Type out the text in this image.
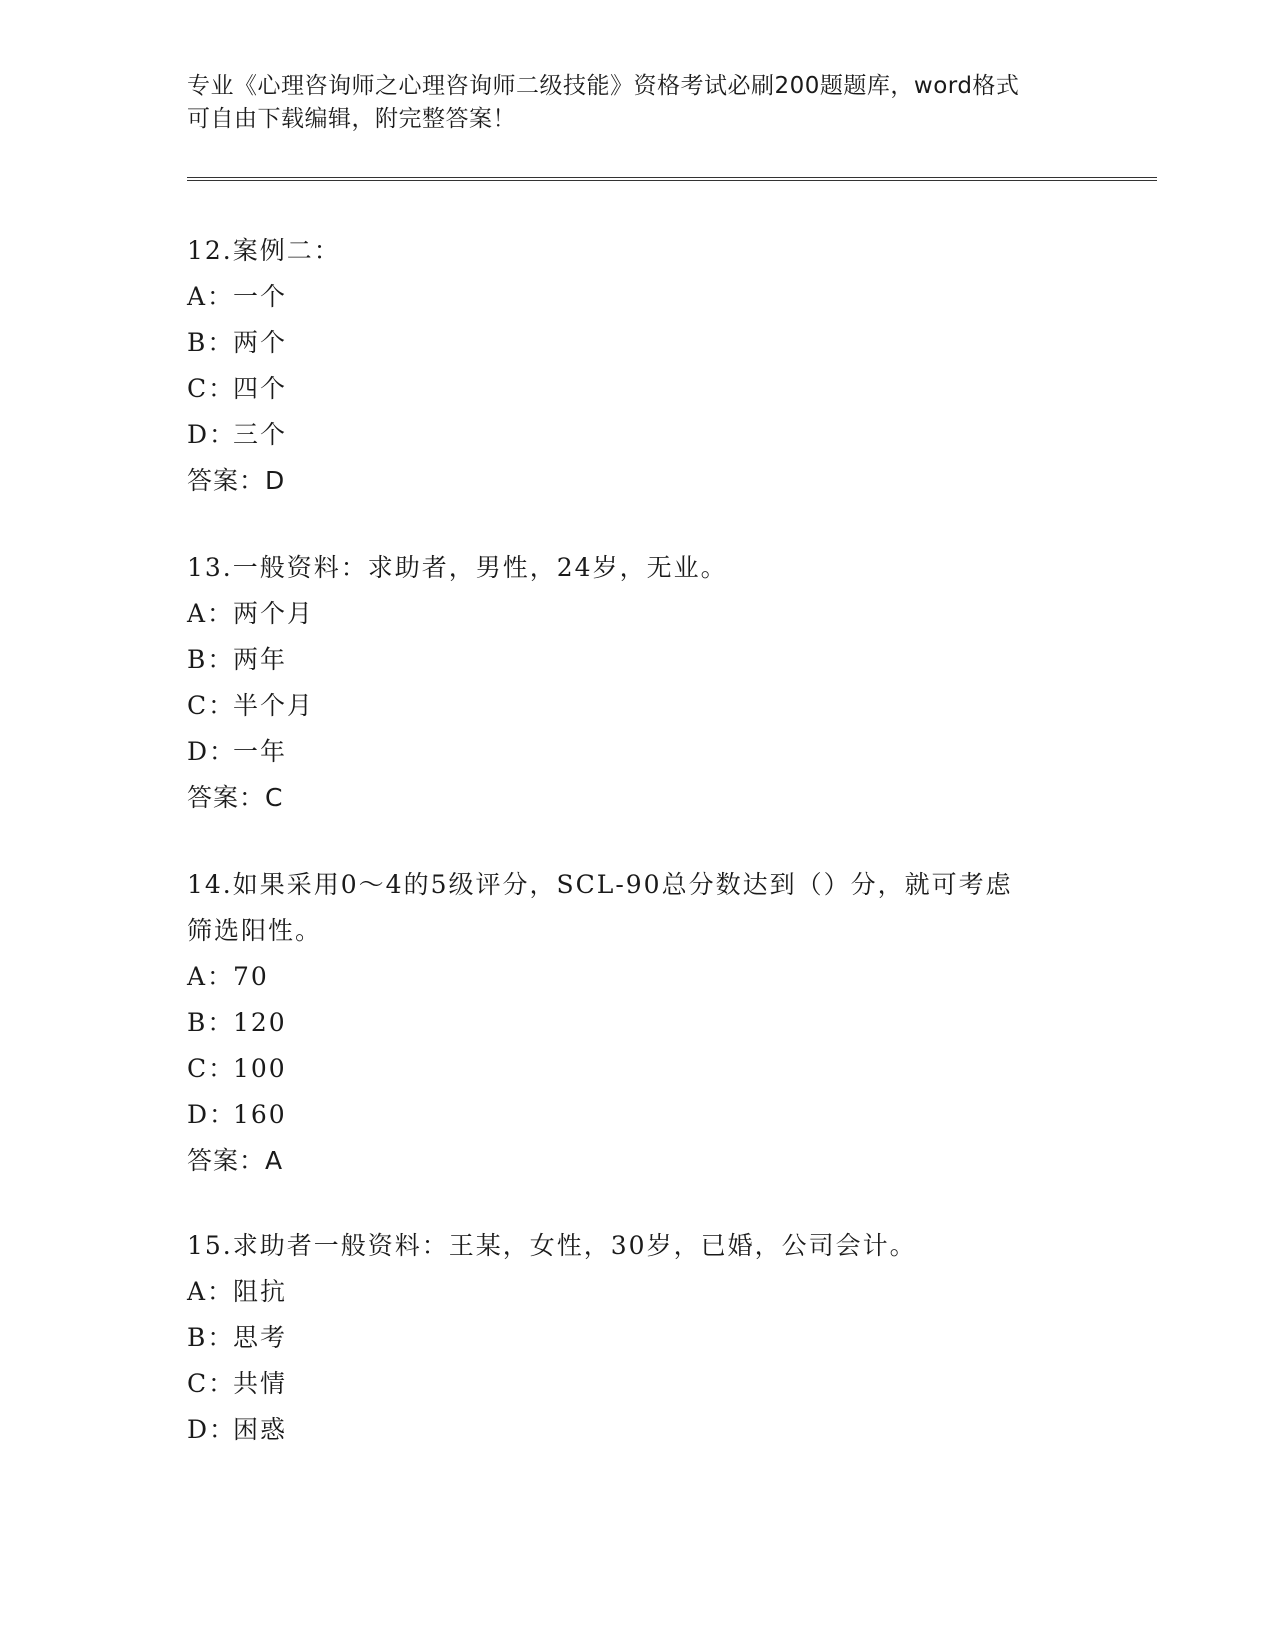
专业《心理咨询师之心理咨询师二级技能》资格考试必刷200题题库，word格式
可自由下载编辑，附完整答案！
12.案例二：
A：一个
B：两个
C：四个
D：三个
答案：D
13.一般资料：求助者，男性，24岁，无业。
A：两个月
B：两年
C：半个月
D：一年
答案：C
14.如果采用0～4的5级评分，SCL-90总分数达到（）分，就可考虑
筛选阳性。
A：70
B：120
C：100
D：160
答案：A
15.求助者一般资料：王某，女性，30岁，已婚，公司会计。
A：阻抗
B：思考
C：共情
D：困惑
